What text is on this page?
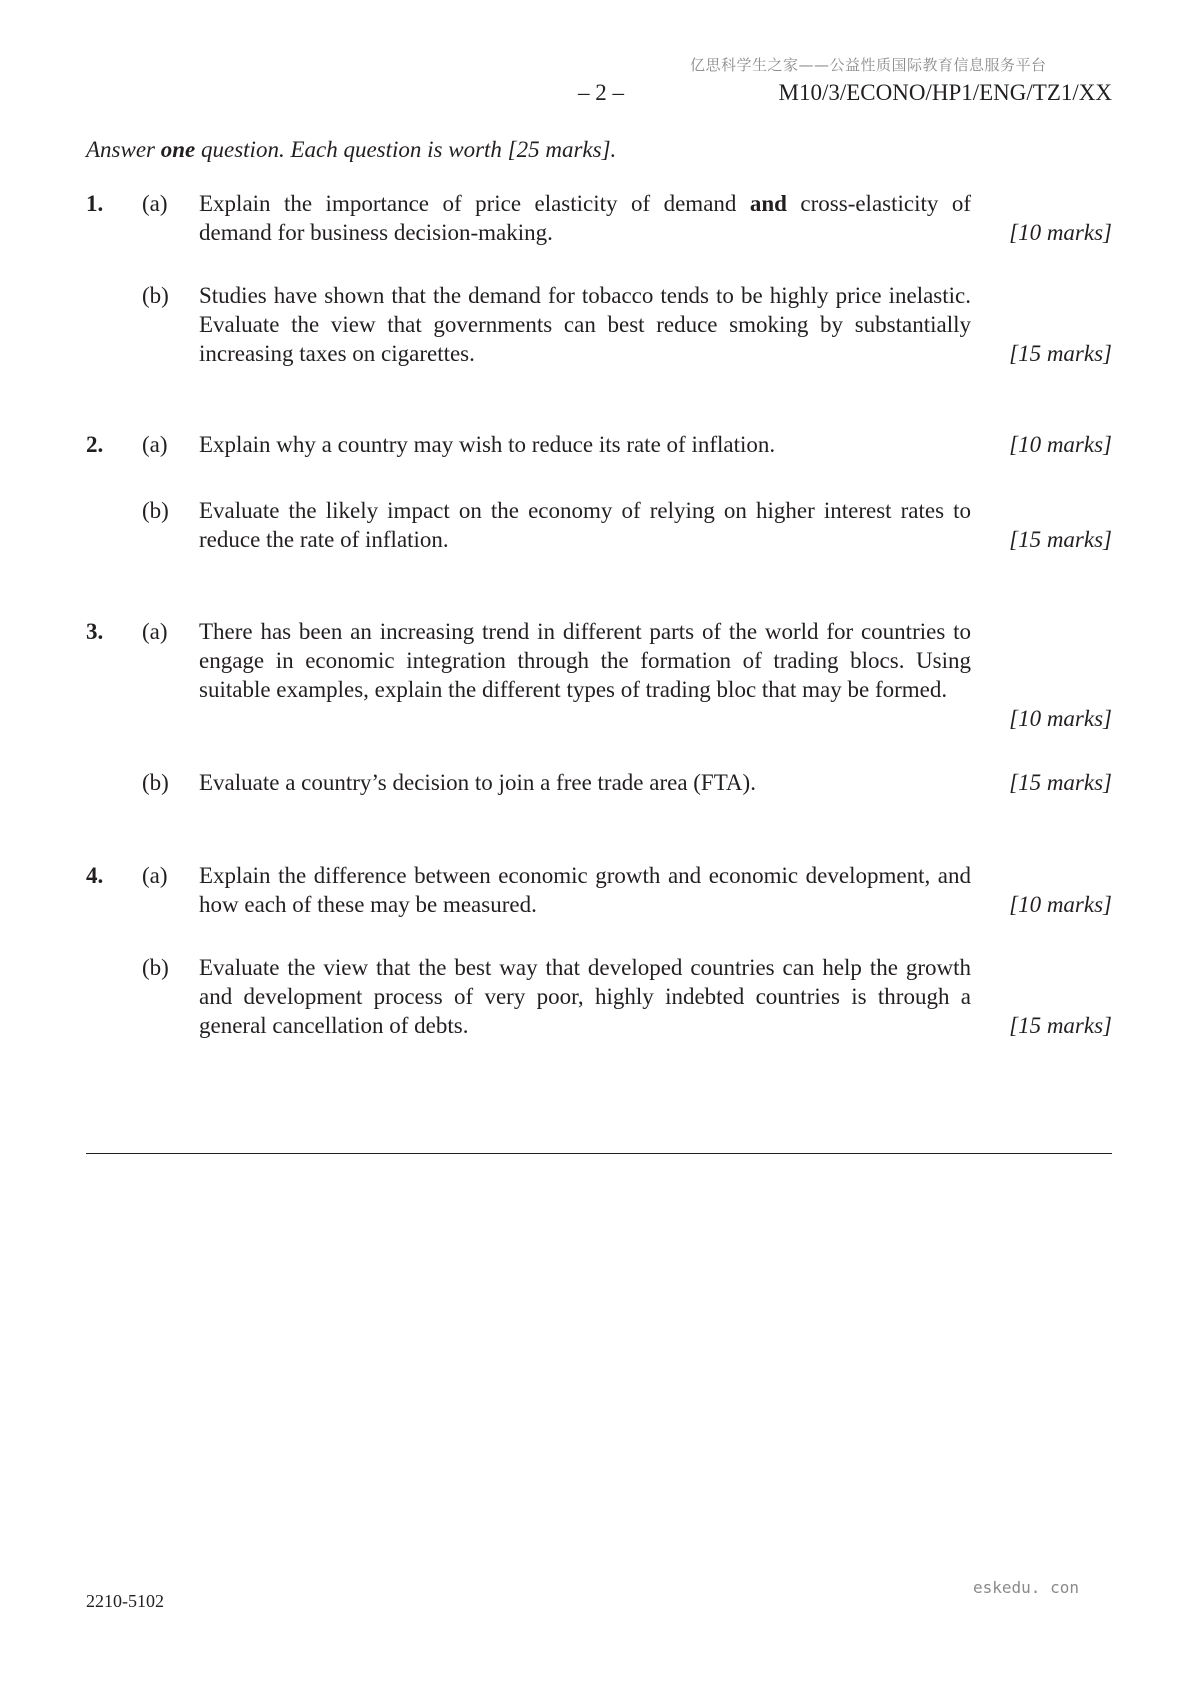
亿思科学生之家——公益性质国际教育信息服务平台
– 2 –	M10/3/ECONO/HP1/ENG/TZ1/XX
Answer one question. Each question is worth [25 marks].
1. (a) Explain the importance of price elasticity of demand and cross-elasticity of demand for business decision-making.	[10 marks]
(b) Studies have shown that the demand for tobacco tends to be highly price inelastic. Evaluate the view that governments can best reduce smoking by substantially increasing taxes on cigarettes.	[15 marks]
2. (a) Explain why a country may wish to reduce its rate of inflation.	[10 marks]
(b) Evaluate the likely impact on the economy of relying on higher interest rates to reduce the rate of inflation.	[15 marks]
3. (a) There has been an increasing trend in different parts of the world for countries to engage in economic integration through the formation of trading blocs. Using suitable examples, explain the different types of trading bloc that may be formed.
[10 marks]
(b) Evaluate a country’s decision to join a free trade area (FTA).	[15 marks]
4. (a) Explain the difference between economic growth and economic development, and how each of these may be measured.	[10 marks]
(b) Evaluate the view that the best way that developed countries can help the growth and development process of very poor, highly indebted countries is through a general cancellation of debts.	[15 marks]
2210-5102
eskedu. con
